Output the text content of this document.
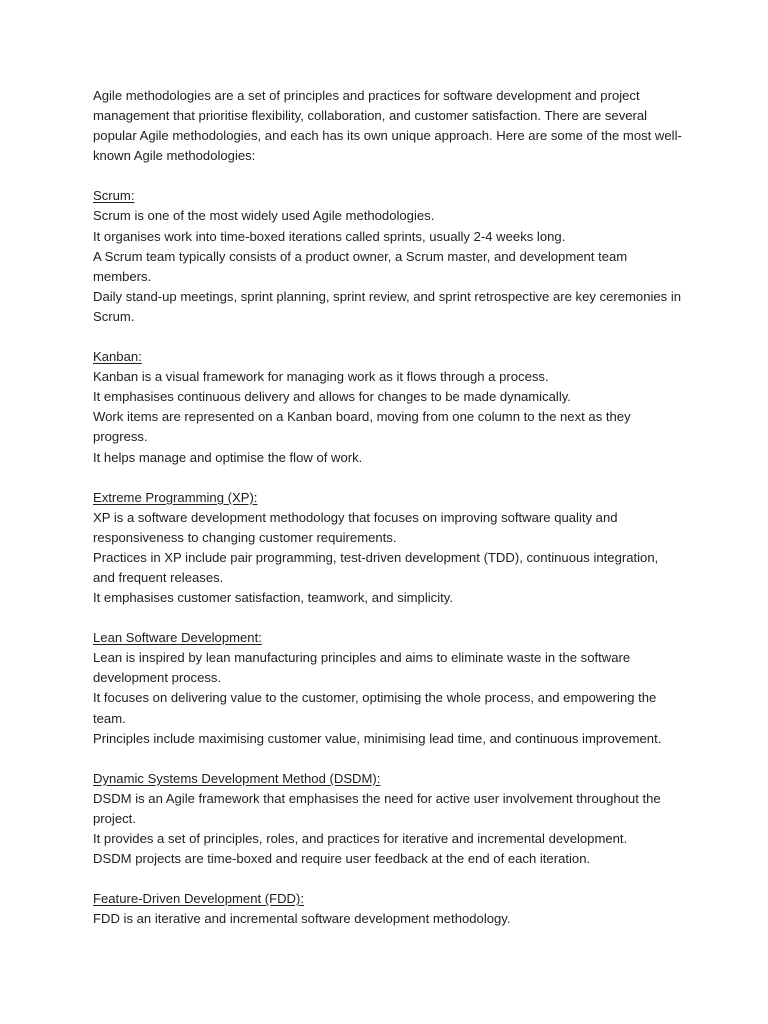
Agile methodologies are a set of principles and practices for software development and project management that prioritise flexibility, collaboration, and customer satisfaction. There are several popular Agile methodologies, and each has its own unique approach. Here are some of the most well-known Agile methodologies:

Scrum:
Scrum is one of the most widely used Agile methodologies.
It organises work into time-boxed iterations called sprints, usually 2-4 weeks long.
A Scrum team typically consists of a product owner, a Scrum master, and development team members.
Daily stand-up meetings, sprint planning, sprint review, and sprint retrospective are key ceremonies in Scrum.
Kanban:
Kanban is a visual framework for managing work as it flows through a process.
It emphasises continuous delivery and allows for changes to be made dynamically.
Work items are represented on a Kanban board, moving from one column to the next as they progress.
It helps manage and optimise the flow of work.
Extreme Programming (XP):
XP is a software development methodology that focuses on improving software quality and responsiveness to changing customer requirements.
Practices in XP include pair programming, test-driven development (TDD), continuous integration, and frequent releases.
It emphasises customer satisfaction, teamwork, and simplicity.
Lean Software Development:
Lean is inspired by lean manufacturing principles and aims to eliminate waste in the software development process.
It focuses on delivering value to the customer, optimising the whole process, and empowering the team.
Principles include maximising customer value, minimising lead time, and continuous improvement.
Dynamic Systems Development Method (DSDM):
DSDM is an Agile framework that emphasises the need for active user involvement throughout the project.
It provides a set of principles, roles, and practices for iterative and incremental development.
DSDM projects are time-boxed and require user feedback at the end of each iteration.
Feature-Driven Development (FDD):
FDD is an iterative and incremental software development methodology.
